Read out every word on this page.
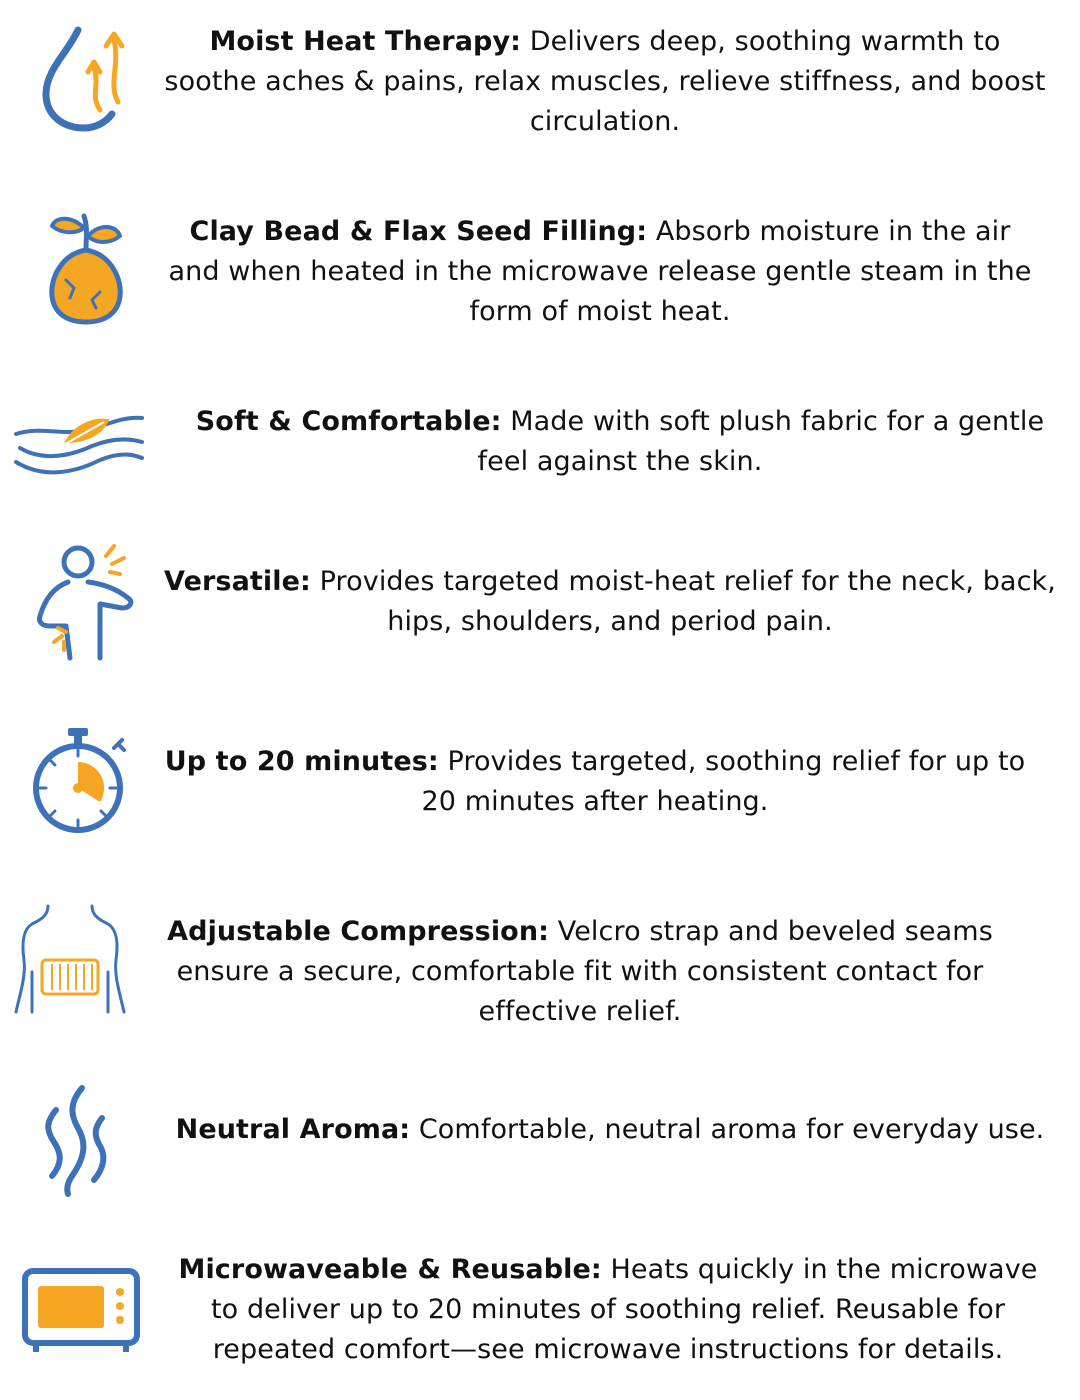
Moist Heat Therapy: Delivers deep, soothing warmth to soothe aches & pains, relax muscles, relieve stiffness, and boost circulation.
Clay Bead & Flax Seed Filling: Absorb moisture in the air and when heated in the microwave release gentle steam in the form of moist heat.
Soft & Comfortable: Made with soft plush fabric for a gentle feel against the skin.
Versatile: Provides targeted moist-heat relief for the neck, back, hips, shoulders, and period pain.
Up to 20 minutes: Provides targeted, soothing relief for up to 20 minutes after heating.
Adjustable Compression: Velcro strap and beveled seams ensure a secure, comfortable fit with consistent contact for effective relief.
Neutral Aroma: Comfortable, neutral aroma for everyday use.
Microwaveable & Reusable: Heats quickly in the microwave to deliver up to 20 minutes of soothing relief. Reusable for repeated comfort—see microwave instructions for details.
